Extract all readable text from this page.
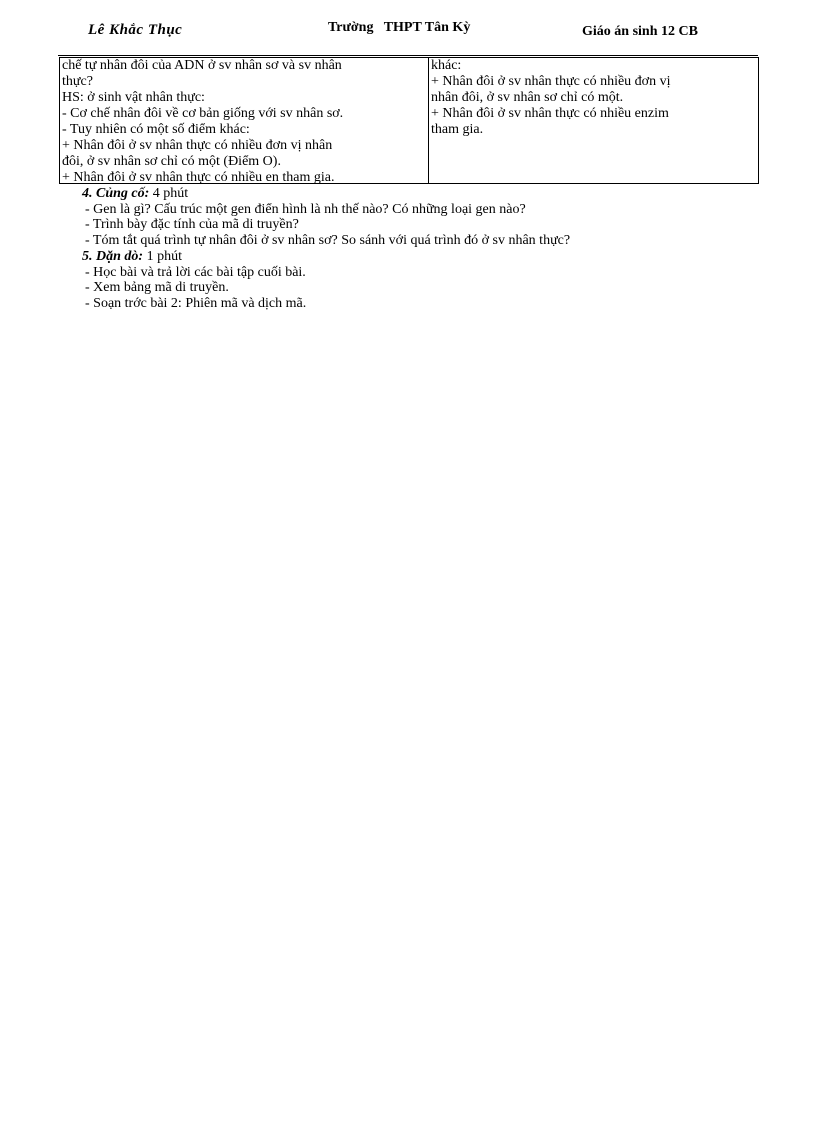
Lê Khắc Thục	Trường   THPT Tân Kỳ	Giáo án sinh 12 CB
chế tự nhân đôi của ADN ở sv nhân sơ và sv nhân
thực?
HS: ở sinh vật nhân thực:
- Cơ chế nhân đôi về cơ bản giống với sv nhân sơ.
- Tuy nhiên có một số điểm khác:
+ Nhân đôi ở sv nhân thực có nhiều đơn vị nhân
đôi, ở sv nhân sơ chỉ có một (Điểm O).
+ Nhân đôi ở sv nhân thực có nhiều en tham gia.
khác:
+ Nhân đôi ở sv nhân thực có nhiều đơn vị
nhân đôi, ở sv nhân sơ chỉ có một.
+ Nhân đôi ở sv nhân thực có nhiều enzim
tham gia.
4. Củng cố: 4 phút
- Gen là gì? Cấu trúc một gen điển hình là nh thế nào? Có những loại gen nào?
- Trình bày đặc tính của mã di truyền?
- Tóm tắt quá trình tự nhân đôi ở sv nhân sơ? So sánh với quá trình đó ở sv nhân thực?
5. Dặn dò: 1 phút
- Học bài và trả lời các bài tập cuối bài.
- Xem bảng mã di truyền.
- Soạn trớc bài 2: Phiên mã và dịch mã.
